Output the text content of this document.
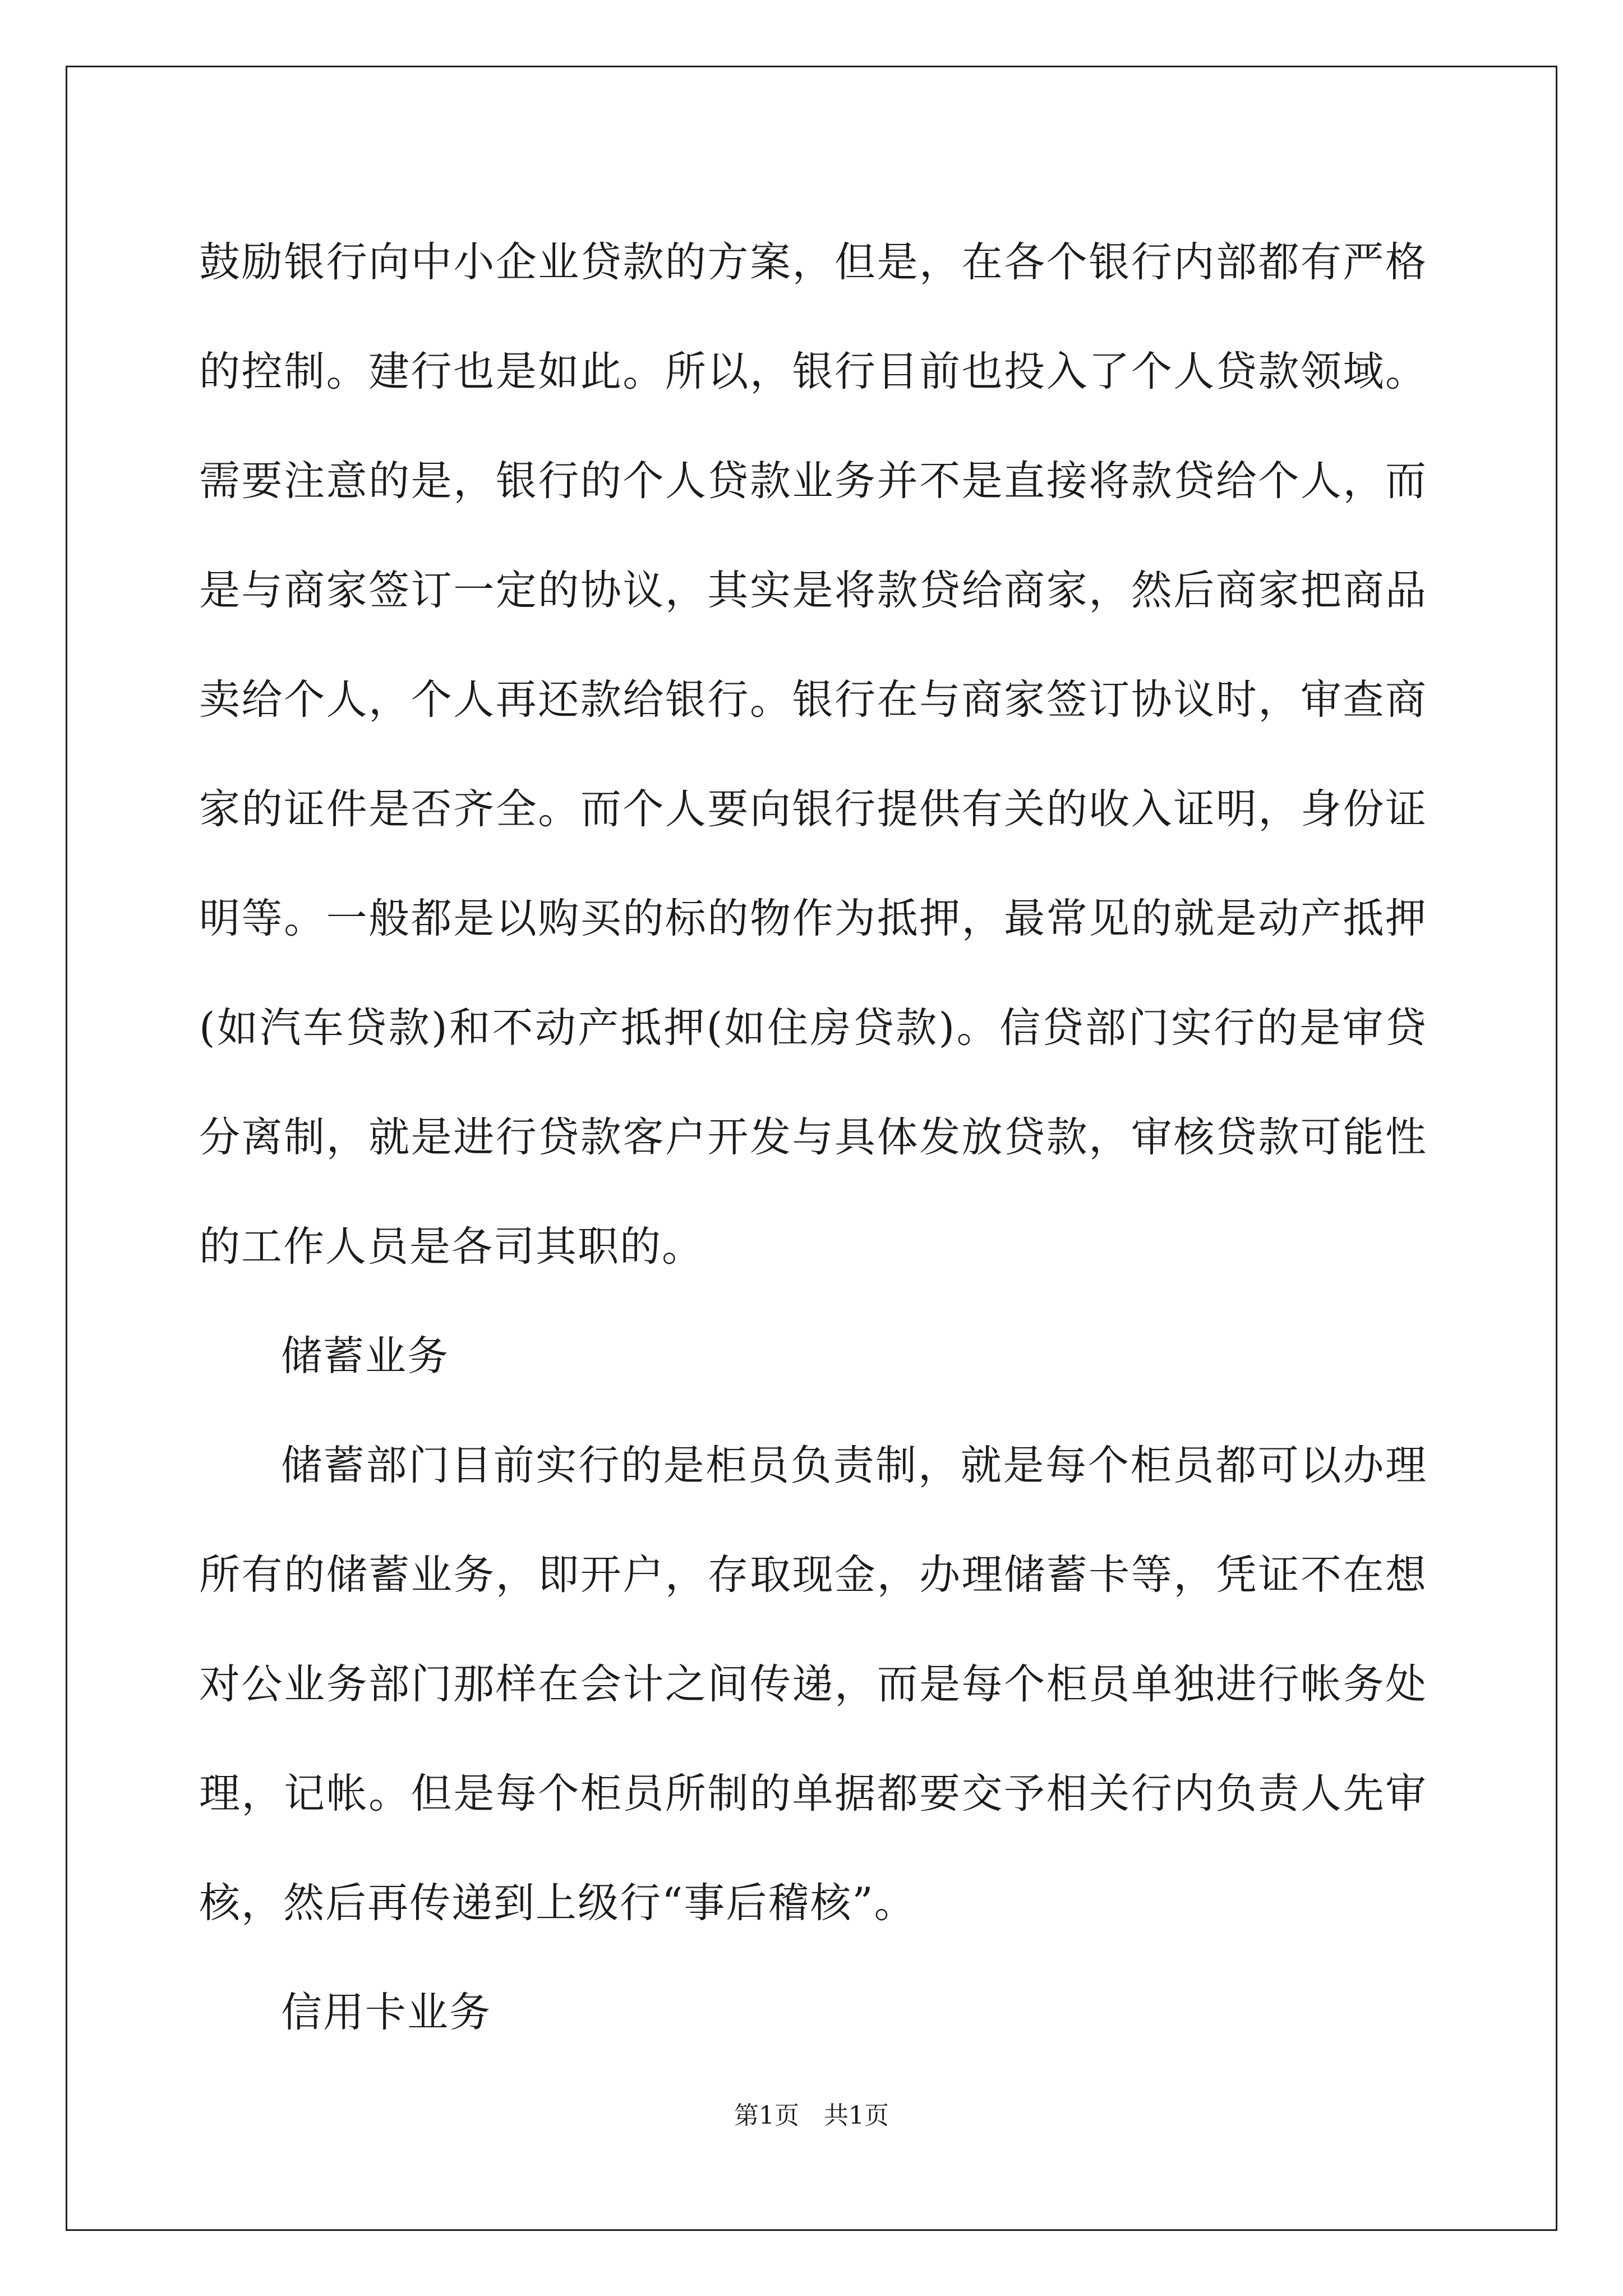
鼓励银行向中小企业贷款的方案，但是，在各个银行内部都有严格的控制。建行也是如此。所以，银行目前也投入了个人贷款领域。需要注意的是，银行的个人贷款业务并不是直接将款贷给个人，而是与商家签订一定的协议，其实是将款贷给商家，然后商家把商品卖给个人，个人再还款给银行。银行在与商家签订协议时，审查商家的证件是否齐全。而个人要向银行提供有关的收入证明，身份证明等。一般都是以购买的标的物作为抵押，最常见的就是动产抵押(如汽车贷款)和不动产抵押(如住房贷款)。信贷部门实行的是审贷分离制，就是进行贷款客户开发与具体发放贷款，审核贷款可能性的工作人员是各司其职的。

储蓄业务

储蓄部门目前实行的是柜员负责制，就是每个柜员都可以办理所有的储蓄业务，即开户，存取现金，办理储蓄卡等，凭证不在想对公业务部门那样在会计之间传递，而是每个柜员单独进行帐务处理，记帐。但是每个柜员所制的单据都要交予相关行内负责人先审核，然后再传递到上级行“事后稽核”。

信用卡业务

第1页 共1页
